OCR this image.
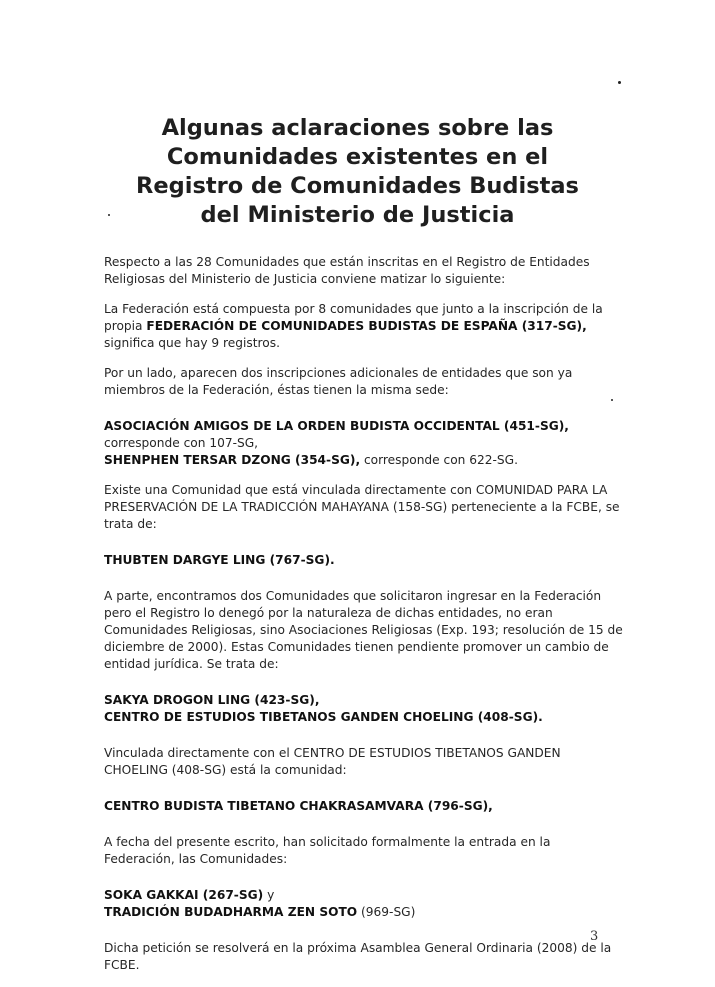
Algunas aclaraciones sobre las
Comunidades existentes en el
Registro de Comunidades Budistas
del Ministerio de Justicia

Respecto a las 28 Comunidades que están inscritas en el Registro de Entidades Religiosas del Ministerio de Justicia conviene matizar lo siguiente:

La Federación está compuesta por 8 comunidades que junto a la inscripción de la propia FEDERACIÓN DE COMUNIDADES BUDISTAS DE ESPAÑA (317-SG), significa que hay 9 registros.

Por un lado, aparecen dos inscripciones adicionales de entidades que son ya miembros de la Federación, éstas tienen la misma sede:

ASOCIACIÓN AMIGOS DE LA ORDEN BUDISTA OCCIDENTAL (451-SG), corresponde con 107-SG,
SHENPHEN TERSAR DZONG (354-SG), corresponde con 622-SG.

Existe una Comunidad que está vinculada directamente con COMUNIDAD PARA LA PRESERVACIÓN DE LA TRADICCIÓN MAHAYANA (158-SG) perteneciente a la FCBE, se trata de:

THUBTEN DARGYE LING (767-SG).

A parte, encontramos dos Comunidades que solicitaron ingresar en la Federación pero el Registro lo denegó por la naturaleza de dichas entidades, no eran Comunidades Religiosas, sino Asociaciones Religiosas (Exp. 193; resolución de 15 de diciembre de 2000). Estas Comunidades tienen pendiente promover un cambio de entidad jurídica. Se trata de:

SAKYA DROGON LING (423-SG),
CENTRO DE ESTUDIOS TIBETANOS GANDEN CHOELING (408-SG).

Vinculada directamente con el CENTRO DE ESTUDIOS TIBETANOS GANDEN CHOELING (408-SG) está la comunidad:

CENTRO BUDISTA TIBETANO CHAKRASAMVARA (796-SG),

A fecha del presente escrito, han solicitado formalmente la entrada en la Federación, las Comunidades:

SOKA GAKKAI (267-SG) y
TRADICIÓN BUDADHARMA ZEN SOTO (969-SG)

Dicha petición se resolverá en la próxima Asamblea General Ordinaria (2008) de la FCBE.

3
